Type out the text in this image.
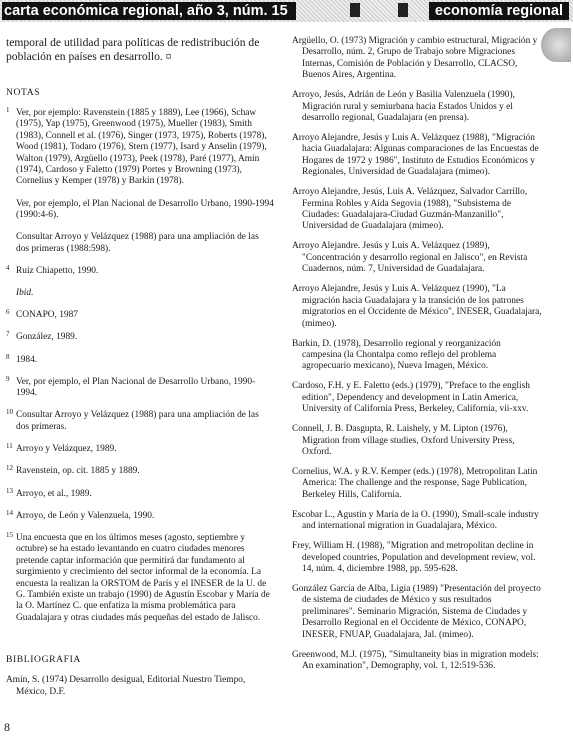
carta económica regional, año 3, núm. 15	economía regional

temporal de utilidad para políticas de redistribución de población en países en desarrollo. ¤

NOTAS
1 Ver, por ejemplo: Ravenstein (1885 y 1889), Lee (1966), Schaw (1975), Yap (1975), Greenwood (1975), Mueller (1983), Smith (1983), Connell et al. (1976), Singer (1973, 1975), Roberts (1978), Wood (1981), Todaro (1976), Stern (1977), Isard y Anselin (1979), Walton (1979), Argüello (1973), Peek (1978), Paré (1977), Amín (1974), Cardoso y Faletto (1979) Portes y Browning (1973), Cornelius y Kemper (1978) y Barkin (1978).
Ver, por ejemplo, el Plan Nacional de Desarrollo Urbano, 1990-1994 (1990:4-6).
Consultar Arroyo y Velázquez (1988) para una ampliación de las dos primeras (1988:598).
4 Ruiz Chiapetto, 1990.
Ibid.
6 CONAPO, 1987
7 González, 1989.
8 1984.
9 Ver, por ejemplo, el Plan Nacional de Desarrollo Urbano, 1990-1994.
10 Consultar Arroyo y Velázquez (1988) para una ampliación de las dos primeras.
11 Arroyo y Velázquez, 1989.
12 Ravenstein, op. cit. 1885 y 1889.
13 Arroyo, et al., 1989.
14 Arroyo, de León y Valenzuela, 1990.
15 Una encuesta que en los últimos meses (agosto, septiembre y octubre) se ha estado levantando en cuatro ciudades menores pretende captar información que permitirá dar fundamento al surgimiento y crecimiento del sector informal de la economía. La encuesta la realizan la ORSTOM de París y el INESER de la U. de G. También existe un trabajo (1990) de Agustín Escobar y María de la O. Martínez C. que enfatiza la misma problemática para Guadalajara y otras ciudades más pequeñas del estado de Jalisco.
BIBLIOGRAFIA
Amín, S. (1974) Desarrollo desigual, Editorial Nuestro Tiempo, México, D.F.
Argüello, O. (1973) Migración y cambio estructural, Migración y Desarrollo, núm. 2, Grupo de Trabajo sobre Migraciones Internas, Comisión de Población y Desarrollo, CLACSO, Buenos Aires, Argentina.
Arroyo, Jesús, Adrián de León y Basilia Valenzuela (1990), Migración rural y semiurbana hacia Estados Unidos y el desarrollo regional, Guadalajara (en prensa).
Arroyo Alejandre, Jesús y Luis A. Velázquez (1988), "Migración hacia Guadalajara: Algunas comparaciones de las Encuestas de Hogares de 1972 y 1986", Instituto de Estudios Económicos y Regionales, Universidad de Guadalajara (mimeo).
Arroyo Alejandre, Jesús, Luis A. Velázquez, Salvador Carrillo, Fermina Robles y Aída Segovia (1988), "Subsistema de Ciudades: Guadalajara-Ciudad Guzmán-Manzanillo", Universidad de Guadalajara (mimeo).
Arroyo Alejandre. Jesús y Luis A. Velázquez (1989), "Concentración y desarrollo regional en Jalisco", en Revista Cuadernos, núm. 7, Universidad de Guadalajara.
Arroyo Alejandre, Jesús y Luis A. Velázquez (1990), "La migración hacia Guadalajara y la transición de los patrones migratorios en el Occidente de México", INESER, Guadalajara, (mimeo).
Barkin, D. (1978), Desarrollo regional y reorganización campesina (la Chontalpa como reflejo del problema agropecuario mexicano), Nueva Imagen, México.
Cardoso, F.H. y E. Faletto (eds.) (1979), "Preface to the english edition", Dependency and development in Latin America, University of California Press, Berkeley, California, vii-xxv.
Connell, J. B. Dasgupta, R. Laishely, y M. Lipton (1976), Migration from village studies, Oxford University Press, Oxford.
Cornelius, W.A. y R.V. Kemper (eds.) (1978), Metropolitan Latin America: The challenge and the response, Sage Publication, Berkeley Hills, California.
Escobar L., Agustín y María de la O. (1990), Small-scale industry and international migration in Guadalajara, México.
Frey, William H. (1988), "Migration and metropolitan decline in developed countries, Population and development review, vol. 14, núm. 4, diciembre 1988, pp. 595-628.
González García de Alba, Ligia (1989) "Presentación del proyecto de sistema de ciudades de México y sus resultados preliminares". Seminario Migración, Sistema de Ciudades y Desarrollo Regional en el Occidente de México, CONAPO, INESER, FNUAP, Guadalajara, Jal. (mimeo).
Greenwood, M.J. (1975), "Simultaneity bias in migration models: An examination", Demography, vol. 1, 12:519-536.
8
